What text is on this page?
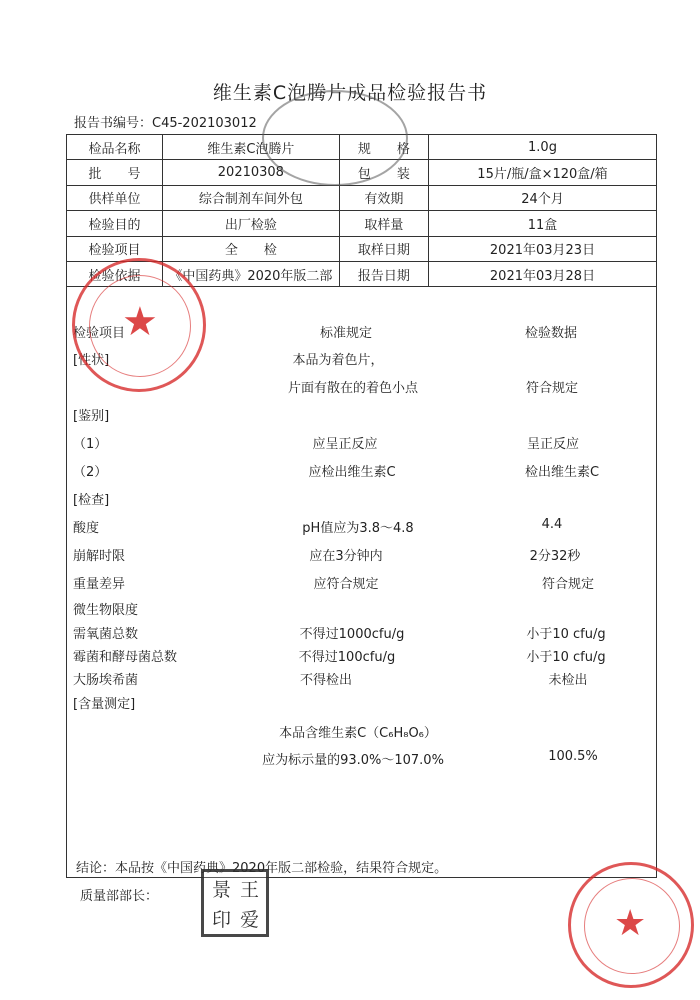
维生素C泡腾片成品检验报告书
报告书编号：C45-202103012
检品名称	维生素C泡腾片	规　　格	1.0g
批　　号	20210308	包　　装	15片/瓶/盒×120盒/箱
供样单位	综合制剂车间外包	有效期	24个月
检验目的	出厂检验	取样量	11盒
检验项目	全　　检	取样日期	2021年03月23日
检验依据	《中国药典》2020年版二部	报告日期	2021年03月28日
检验项目	标准规定	检验数据
[性状]	本品为着色片，
片面有散在的着色小点	符合规定
[鉴别]
（1）	应呈正反应	呈正反应
（2）	应检出维生素C	检出维生素C
[检查]
酸度	pH值应为3.8～4.8	4.4
崩解时限	应在3分钟内	2分32秒
重量差异	应符合规定	符合规定
微生物限度
需氧菌总数	不得过1000cfu/g	小于10 cfu/g
霉菌和酵母菌总数	不得过100cfu/g	小于10 cfu/g
大肠埃希菌	不得检出	未检出
[含量测定]
本品含维生素C（C₆H₈O₆）
应为标示量的93.0%～107.0%	100.5%
结论：本品按《中国药典》2020年版二部检验，结果符合规定。
质量部部长：
★
景 王
印 爱	★
